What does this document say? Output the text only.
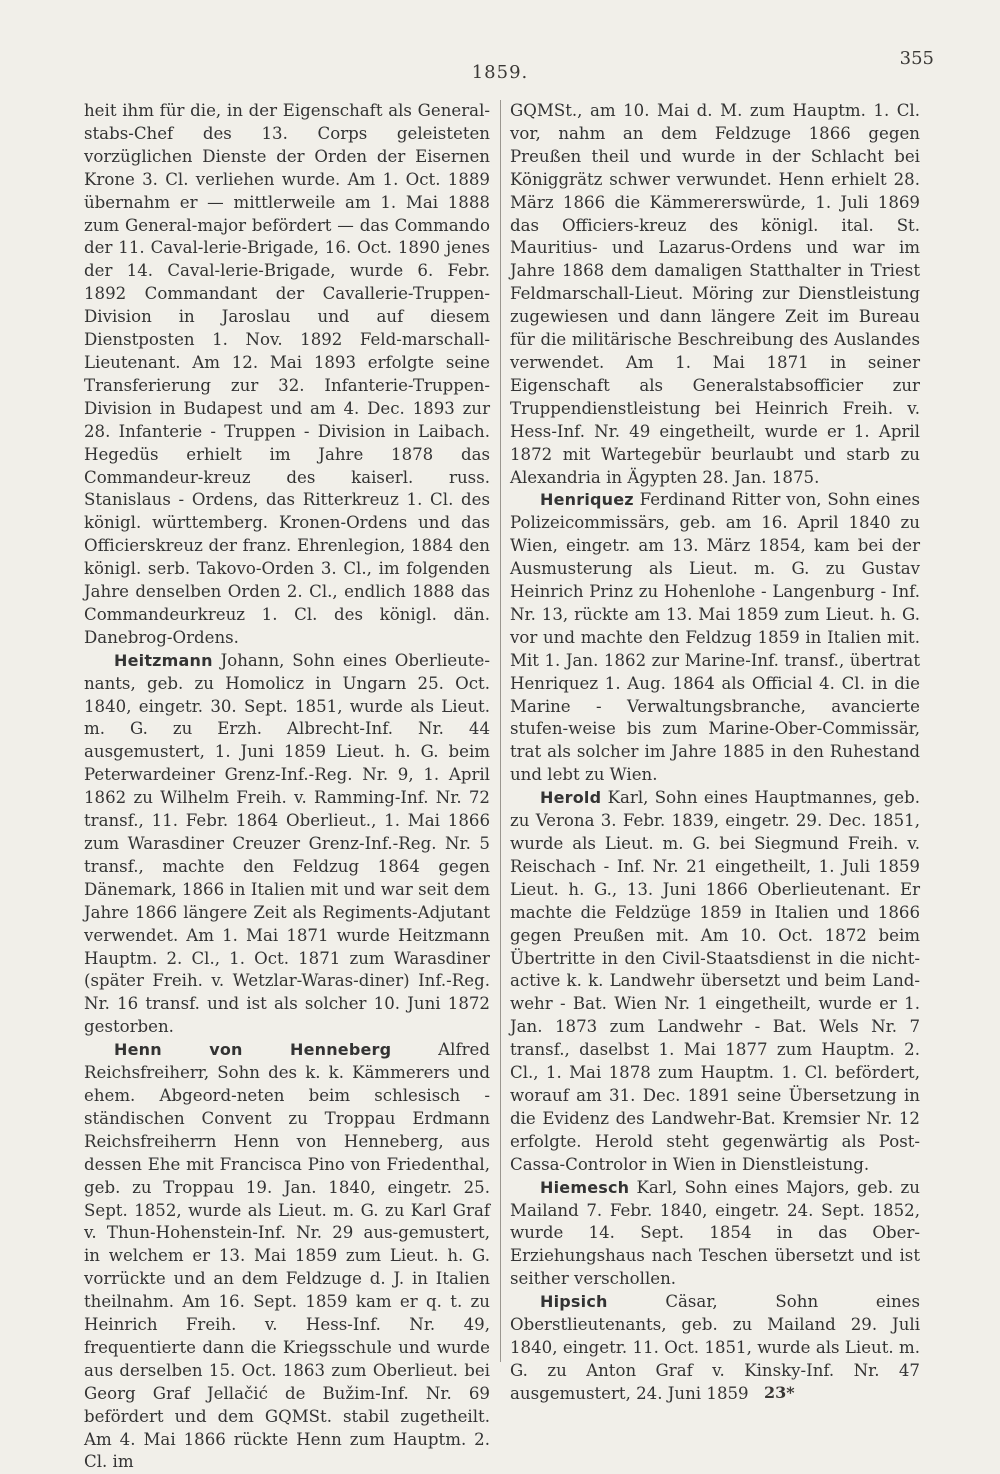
1859.
355

heit ihm für die, in der Eigenschaft als General-stabs-Chef des 13. Corps geleisteten vorzüglichen Dienste der Orden der Eisernen Krone 3. Cl. verliehen wurde. Am 1. Oct. 1889 übernahm er — mittlerweile am 1. Mai 1888 zum General-major befördert — das Commando der 11. Caval-lerie-Brigade, 16. Oct. 1890 jenes der 14. Caval-lerie-Brigade, wurde 6. Febr. 1892 Commandant der Cavallerie-Truppen-Division in Jaroslau und auf diesem Dienstposten 1. Nov. 1892 Feld-marschall-Lieutenant. Am 12. Mai 1893 erfolgte seine Transferierung zur 32. Infanterie-Truppen-Division in Budapest und am 4. Dec. 1893 zur 28. Infanterie - Truppen - Division in Laibach. Hegedüs erhielt im Jahre 1878 das Commandeur-kreuz des kaiserl. russ. Stanislaus - Ordens, das Ritterkreuz 1. Cl. des königl. württemberg. Kronen-Ordens und das Officierskreuz der franz. Ehrenlegion, 1884 den königl. serb. Takovo-Orden 3. Cl., im folgenden Jahre denselben Orden 2. Cl., endlich 1888 das Commandeurkreuz 1. Cl. des königl. dän. Danebrog-Ordens.

Heitzmann Johann, Sohn eines Oberlieute-nants, geb. zu Homolicz in Ungarn 25. Oct. 1840, eingetr. 30. Sept. 1851, wurde als Lieut. m. G. zu Erzh. Albrecht-Inf. Nr. 44 ausgemustert, 1. Juni 1859 Lieut. h. G. beim Peterwardeiner Grenz-Inf.-Reg. Nr. 9, 1. April 1862 zu Wilhelm Freih. v. Ramming-Inf. Nr. 72 transf., 11. Febr. 1864 Oberlieut., 1. Mai 1866 zum Warasdiner Creuzer Grenz-Inf.-Reg. Nr. 5 transf., machte den Feldzug 1864 gegen Dänemark, 1866 in Italien mit und war seit dem Jahre 1866 längere Zeit als Regiments-Adjutant verwendet. Am 1. Mai 1871 wurde Heitzmann Hauptm. 2. Cl., 1. Oct. 1871 zum Warasdiner (später Freih. v. Wetzlar-Waras-diner) Inf.-Reg. Nr. 16 transf. und ist als solcher 10. Juni 1872 gestorben.

Henn von Henneberg Alfred Reichsfreiherr, Sohn des k. k. Kämmerers und ehem. Abgeord-neten beim schlesisch - ständischen Convent zu Troppau Erdmann Reichsfreiherrn Henn von Henneberg, aus dessen Ehe mit Francisca Pino von Friedenthal, geb. zu Troppau 19. Jan. 1840, eingetr. 25. Sept. 1852, wurde als Lieut. m. G. zu Karl Graf v. Thun-Hohenstein-Inf. Nr. 29 aus-gemustert, in welchem er 13. Mai 1859 zum Lieut. h. G. vorrückte und an dem Feldzuge d. J. in Italien theilnahm. Am 16. Sept. 1859 kam er q. t. zu Heinrich Freih. v. Hess-Inf. Nr. 49, frequentierte dann die Kriegsschule und wurde aus derselben 15. Oct. 1863 zum Oberlieut. bei Georg Graf Jellačić de Bužim-Inf. Nr. 69 befördert und dem GQMSt. stabil zugetheilt. Am 4. Mai 1866 rückte Henn zum Hauptm. 2. Cl. im

GQMSt., am 10. Mai d. M. zum Hauptm. 1. Cl. vor, nahm an dem Feldzuge 1866 gegen Preußen theil und wurde in der Schlacht bei Königgrätz schwer verwundet. Henn erhielt 28. März 1866 die Kämmererswürde, 1. Juli 1869 das Officiers-kreuz des königl. ital. St. Mauritius- und Lazarus-Ordens und war im Jahre 1868 dem damaligen Statthalter in Triest Feldmarschall-Lieut. Möring zur Dienstleistung zugewiesen und dann längere Zeit im Bureau für die militärische Beschreibung des Auslandes verwendet. Am 1. Mai 1871 in seiner Eigenschaft als Generalstabsofficier zur Truppendienstleistung bei Heinrich Freih. v. Hess-Inf. Nr. 49 eingetheilt, wurde er 1. April 1872 mit Wartegebür beurlaubt und starb zu Alexandria in Ägypten 28. Jan. 1875.

Henriquez Ferdinand Ritter von, Sohn eines Polizeicommissärs, geb. am 16. April 1840 zu Wien, eingetr. am 13. März 1854, kam bei der Ausmusterung als Lieut. m. G. zu Gustav Heinrich Prinz zu Hohenlohe - Langenburg - Inf. Nr. 13, rückte am 13. Mai 1859 zum Lieut. h. G. vor und machte den Feldzug 1859 in Italien mit. Mit 1. Jan. 1862 zur Marine-Inf. transf., übertrat Henriquez 1. Aug. 1864 als Official 4. Cl. in die Marine - Verwaltungsbranche, avancierte stufen-weise bis zum Marine-Ober-Commissär, trat als solcher im Jahre 1885 in den Ruhestand und lebt zu Wien.

Herold Karl, Sohn eines Hauptmannes, geb. zu Verona 3. Febr. 1839, eingetr. 29. Dec. 1851, wurde als Lieut. m. G. bei Siegmund Freih. v. Reischach - Inf. Nr. 21 eingetheilt, 1. Juli 1859 Lieut. h. G., 13. Juni 1866 Oberlieutenant. Er machte die Feldzüge 1859 in Italien und 1866 gegen Preußen mit. Am 10. Oct. 1872 beim Übertritte in den Civil-Staatsdienst in die nicht-active k. k. Landwehr übersetzt und beim Land-wehr - Bat. Wien Nr. 1 eingetheilt, wurde er 1. Jan. 1873 zum Landwehr - Bat. Wels Nr. 7 transf., daselbst 1. Mai 1877 zum Hauptm. 2. Cl., 1. Mai 1878 zum Hauptm. 1. Cl. befördert, worauf am 31. Dec. 1891 seine Übersetzung in die Evidenz des Landwehr-Bat. Kremsier Nr. 12 erfolgte. Herold steht gegenwärtig als Post-Cassa-Controlor in Wien in Dienstleistung.

Hiemesch Karl, Sohn eines Majors, geb. zu Mailand 7. Febr. 1840, eingetr. 24. Sept. 1852, wurde 14. Sept. 1854 in das Ober-Erziehungshaus nach Teschen übersetzt und ist seither verschollen.

Hipsich Cäsar, Sohn eines Oberstlieutenants, geb. zu Mailand 29. Juli 1840, eingetr. 11. Oct. 1851, wurde als Lieut. m. G. zu Anton Graf v. Kinsky-Inf. Nr. 47 ausgemustert, 24. Juni 1859 23*
